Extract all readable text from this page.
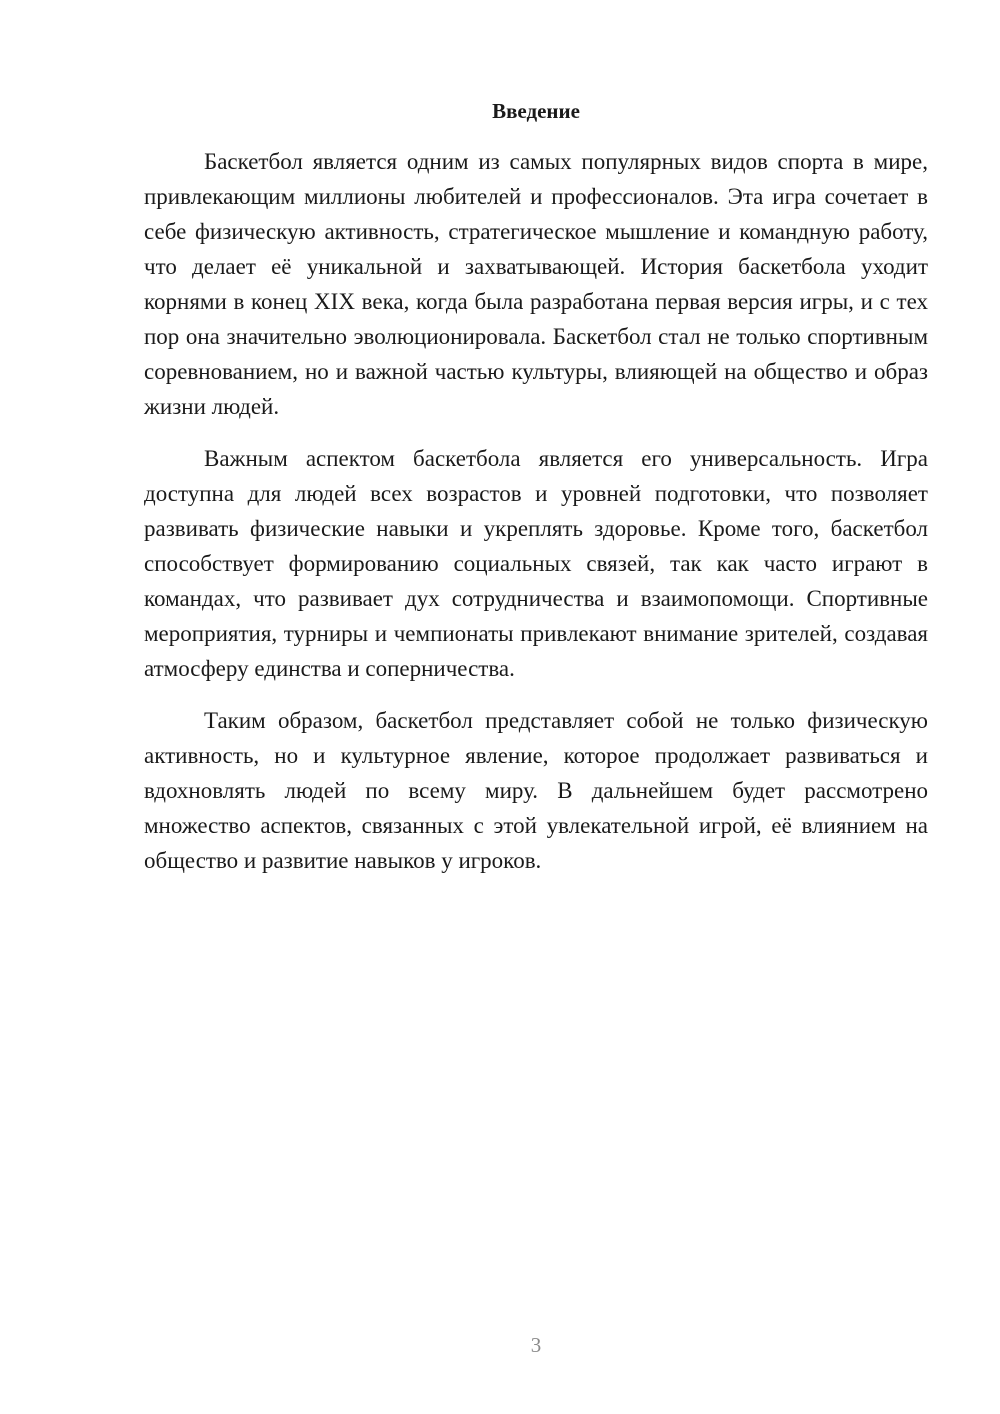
Введение

Баскетбол является одним из самых популярных видов спорта в мире, привлекающим миллионы любителей и профессионалов. Эта игра сочетает в себе физическую активность, стратегическое мышление и командную работу, что делает её уникальной и захватывающей. История баскетбола уходит корнями в конец XIX века, когда была разработана первая версия игры, и с тех пор она значительно эволюционировала. Баскетбол стал не только спортивным соревнованием, но и важной частью культуры, влияющей на общество и образ жизни людей.

Важным аспектом баскетбола является его универсальность. Игра доступна для людей всех возрастов и уровней подготовки, что позволяет развивать физические навыки и укреплять здоровье. Кроме того, баскетбол способствует формированию социальных связей, так как часто играют в командах, что развивает дух сотрудничества и взаимопомощи. Спортивные мероприятия, турниры и чемпионаты привлекают внимание зрителей, создавая атмосферу единства и соперничества.

Таким образом, баскетбол представляет собой не только физическую активность, но и культурное явление, которое продолжает развиваться и вдохновлять людей по всему миру. В дальнейшем будет рассмотрено множество аспектов, связанных с этой увлекательной игрой, её влиянием на общество и развитие навыков у игроков.

3
